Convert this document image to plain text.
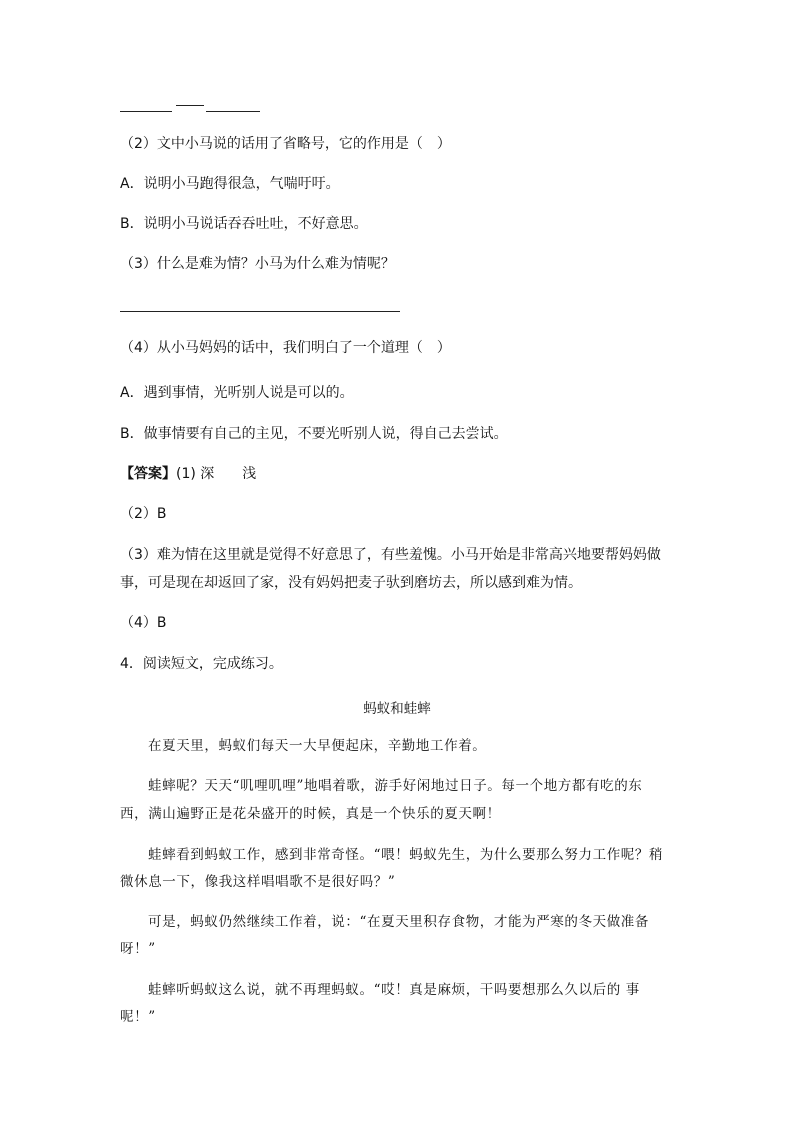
（2）文中小马说的话用了省略号，它的作用是（　）
A．说明小马跑得很急，气喘吁吁。
B．说明小马说话吞吞吐吐，不好意思。
（3）什么是难为情？小马为什么难为情呢？
（4）从小马妈妈的话中，我们明白了一个道理（　）
A．遇到事情，光听别人说是可以的。
B．做事情要有自己的主见，不要光听别人说，得自己去尝试。
【答案】(1) 深　　浅
（2）B
（3）难为情在这里就是觉得不好意思了，有些羞愧。小马开始是非常高兴地要帮妈妈做
事，可是现在却返回了家，没有妈妈把麦子驮到磨坊去，所以感到难为情。
（4）B
4．阅读短文，完成练习。
蚂蚁和蛙蟀
在夏天里，蚂蚁们每天一大早便起床，辛勤地工作着。
蛙蟀呢？天天“叽哩叽哩”地唱着歌，游手好闲地过日子。每一个地方都有吃的东
西，满山遍野正是花朵盛开的时候，真是一个快乐的夏天啊！
蛙蟀看到蚂蚁工作，感到非常奇怪。“喂！蚂蚁先生，为什么要那么努力工作呢？稍
微休息一下，像我这样唱唱歌不是很好吗？”
可是，蚂蚁仍然继续工作着，说：“在夏天里积存食物，才能为严寒的冬天做准备
呀！”
蛙蟀听蚂蚁这么说，就不再理蚂蚁。“哎！真是麻烦，干吗要想那么久以后的 事
呢！”
